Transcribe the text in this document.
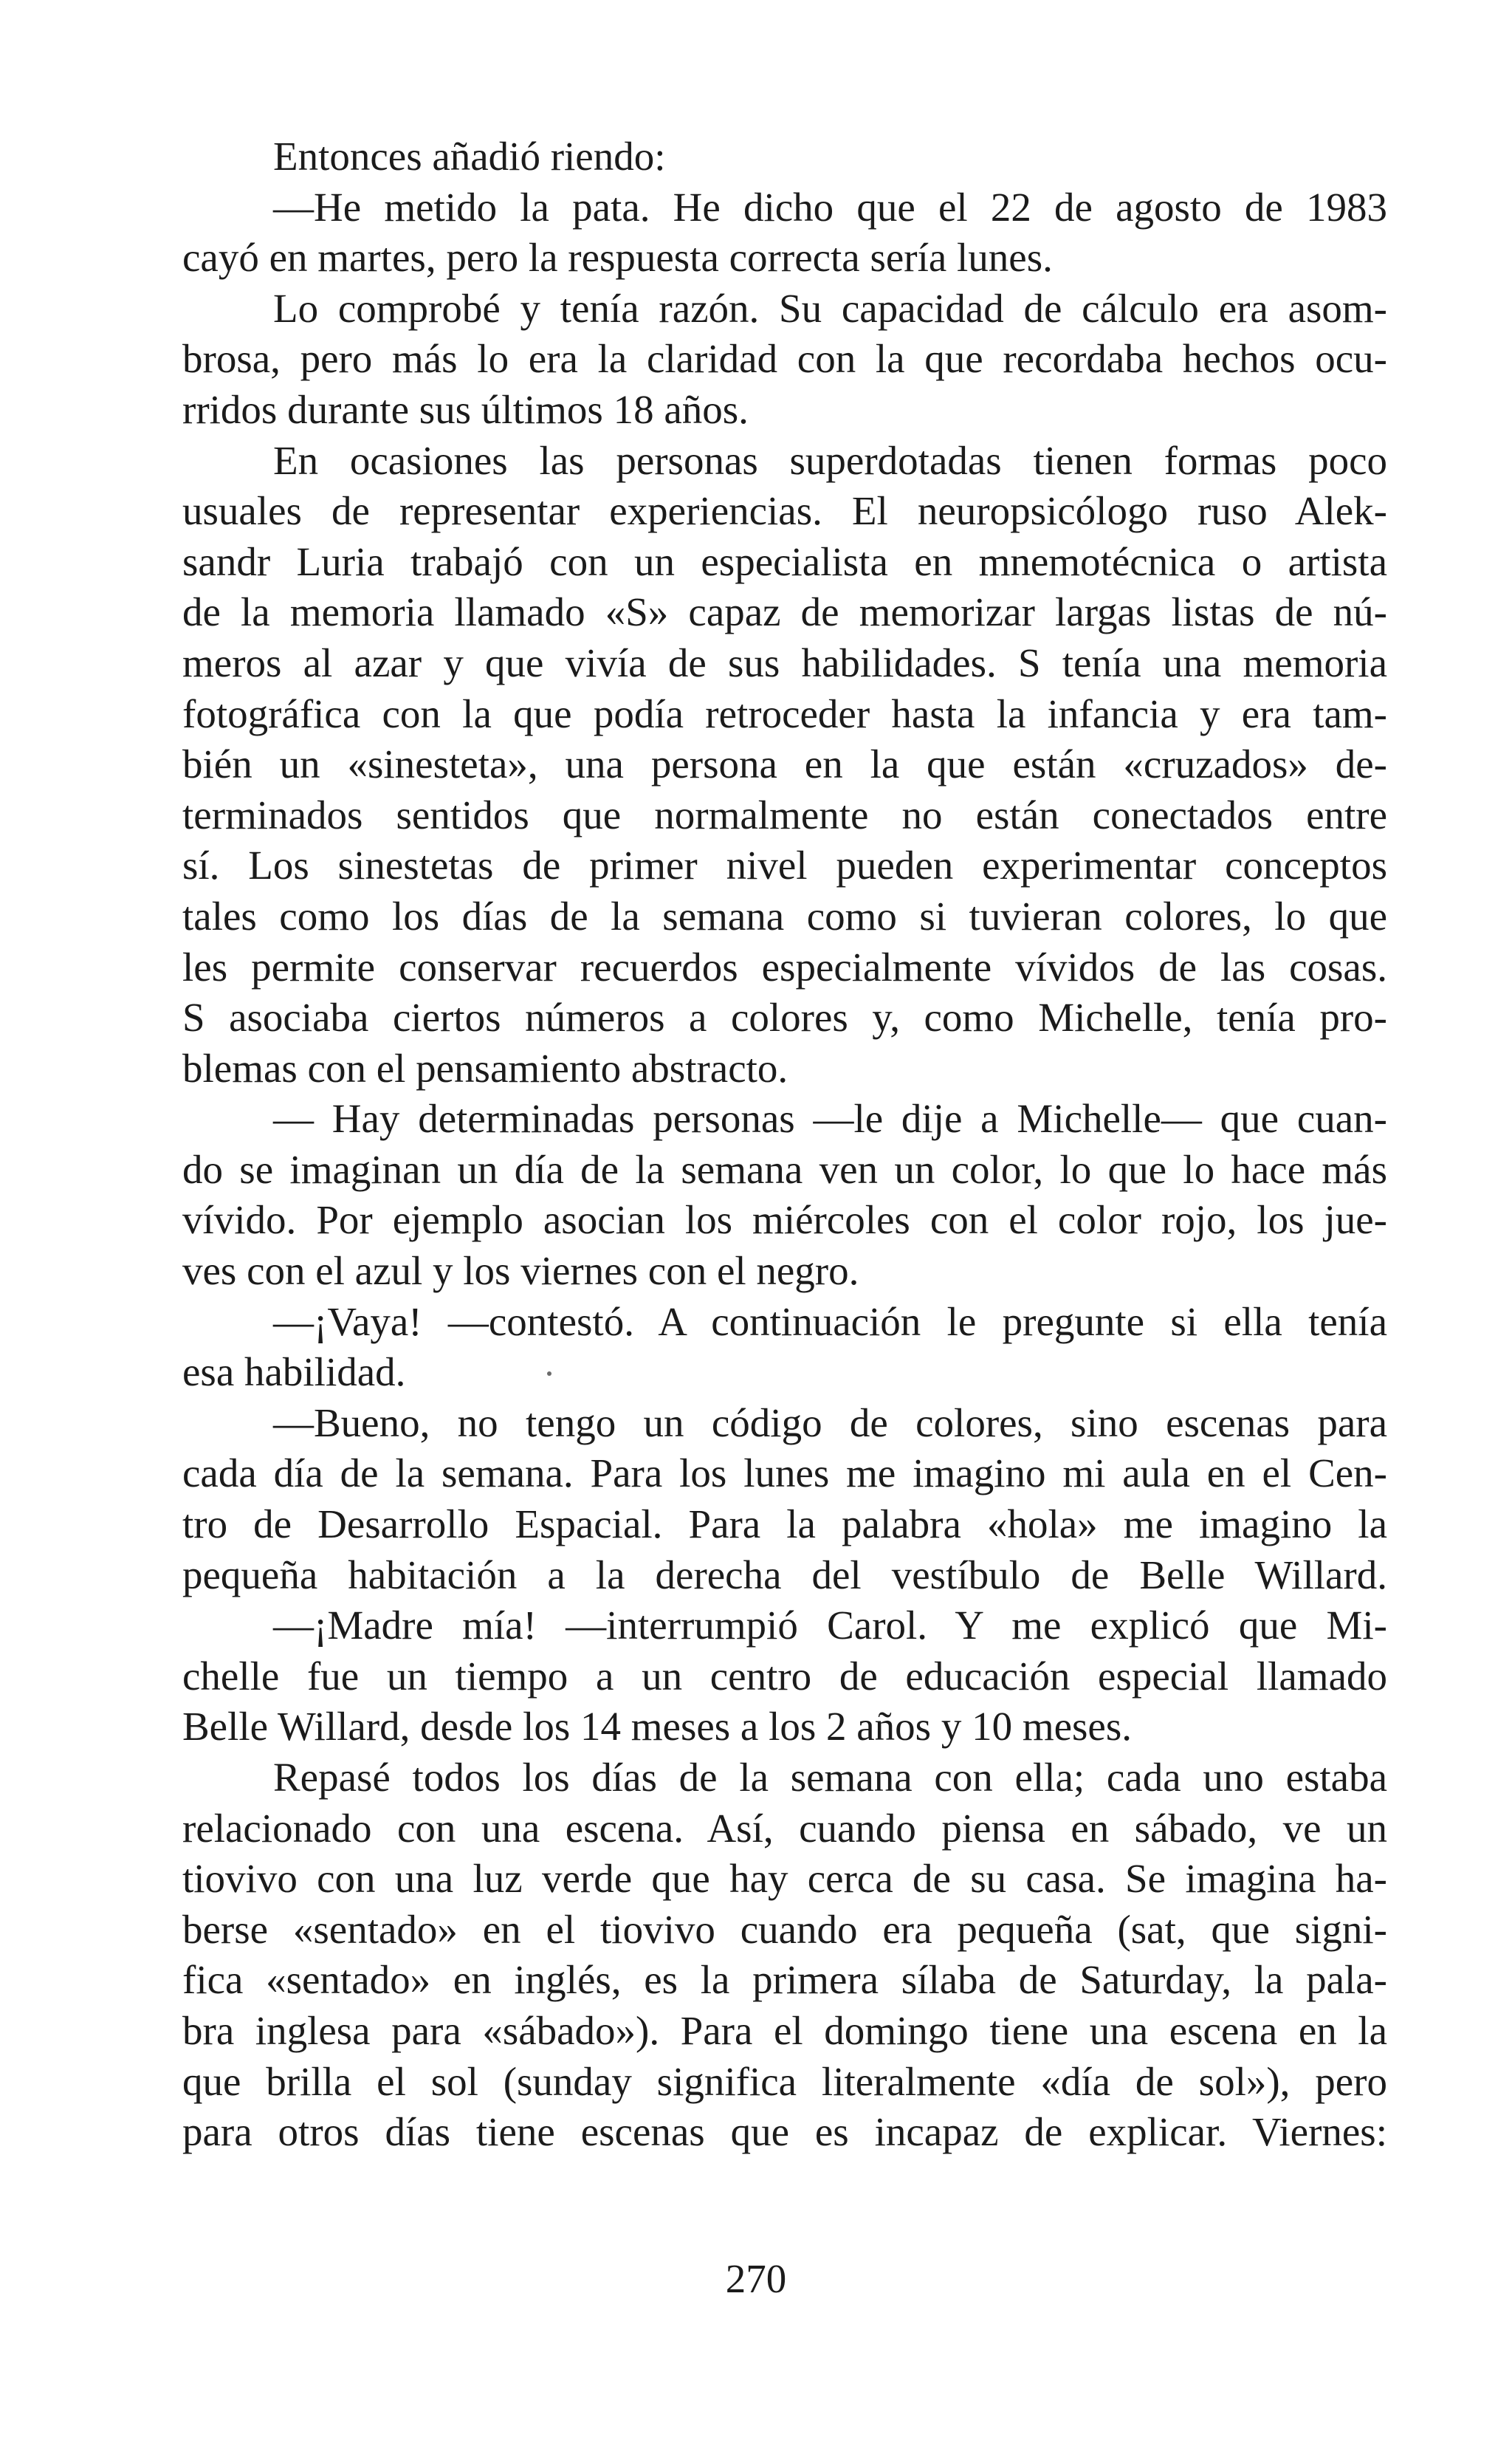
Entonces añadió riendo:
—He metido la pata. He dicho que el 22 de agosto de 1983
cayó en martes, pero la respuesta correcta sería lunes.
Lo comprobé y tenía razón. Su capacidad de cálculo era asom-
brosa, pero más lo era la claridad con la que recordaba hechos ocu-
rridos durante sus últimos 18 años.
En ocasiones las personas superdotadas tienen formas poco
usuales de representar experiencias. El neuropsicólogo ruso Alek-
sandr Luria trabajó con un especialista en mnemotécnica o artista
de la memoria llamado «S» capaz de memorizar largas listas de nú-
meros al azar y que vivía de sus habilidades. S tenía una memoria
fotográfica con la que podía retroceder hasta la infancia y era tam-
bién un «sinesteta», una persona en la que están «cruzados» de-
terminados sentidos que normalmente no están conectados entre
sí. Los sinestetas de primer nivel pueden experimentar conceptos
tales como los días de la semana como si tuvieran colores, lo que
les permite conservar recuerdos especialmente vívidos de las cosas.
S asociaba ciertos números a colores y, como Michelle, tenía pro-
blemas con el pensamiento abstracto.
— Hay determinadas personas —le dije a Michelle— que cuan-
do se imaginan un día de la semana ven un color, lo que lo hace más
vívido. Por ejemplo asocian los miércoles con el color rojo, los jue-
ves con el azul y los viernes con el negro.
—¡Vaya! —contestó. A continuación le pregunte si ella tenía
esa habilidad.
—Bueno, no tengo un código de colores, sino escenas para
cada día de la semana. Para los lunes me imagino mi aula en el Cen-
tro de Desarrollo Espacial. Para la palabra «hola» me imagino la
pequeña habitación a la derecha del vestíbulo de Belle Willard.
—¡Madre mía! —interrumpió Carol. Y me explicó que Mi-
chelle fue un tiempo a un centro de educación especial llamado
Belle Willard, desde los 14 meses a los 2 años y 10 meses.
Repasé todos los días de la semana con ella; cada uno estaba
relacionado con una escena. Así, cuando piensa en sábado, ve un
tiovivo con una luz verde que hay cerca de su casa. Se imagina ha-
berse «sentado» en el tiovivo cuando era pequeña (sat, que signi-
fica «sentado» en inglés, es la primera sílaba de Saturday, la pala-
bra inglesa para «sábado»). Para el domingo tiene una escena en la
que brilla el sol (sunday significa literalmente «día de sol»), pero
para otros días tiene escenas que es incapaz de explicar. Viernes:
270
